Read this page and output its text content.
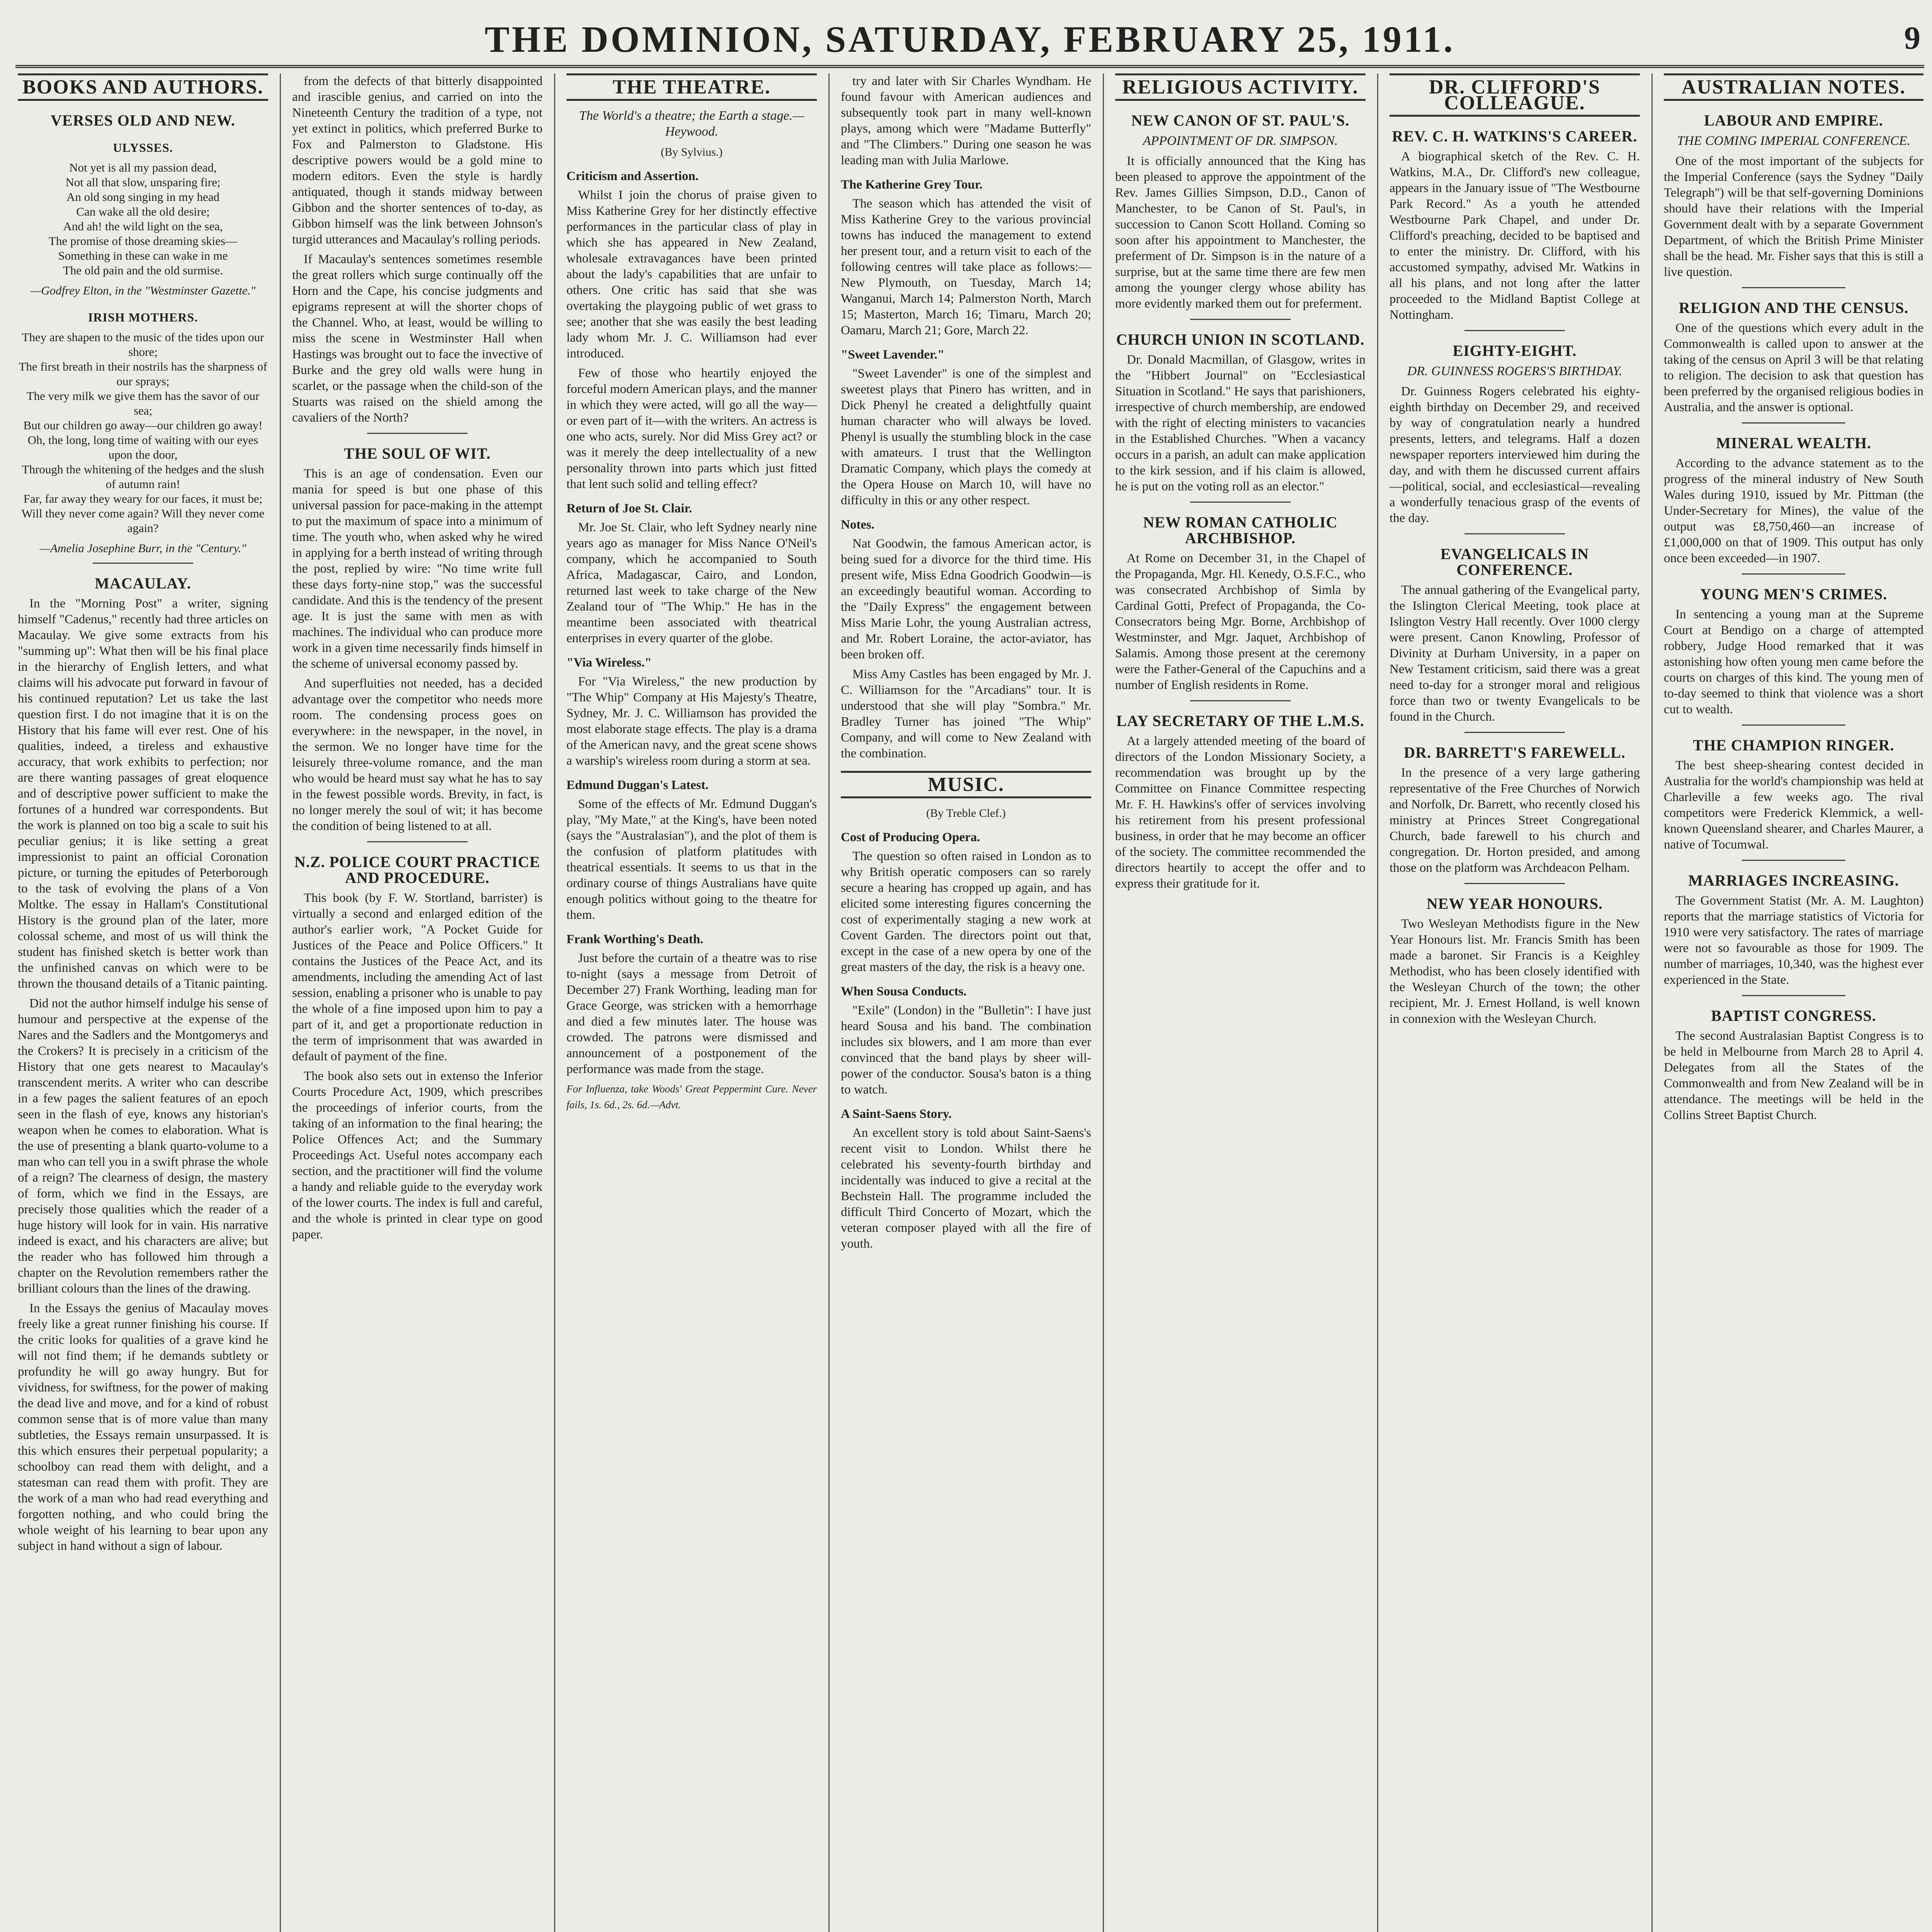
THE DOMINION, SATURDAY, FEBRUARY 25, 1911.	9
BOOKS AND AUTHORS.
VERSES OLD AND NEW.
ULYSSES.
Not yet is all my passion dead,
Not all that slow, unsparing fire;
An old song singing in my head
Can wake all the old desire;
And ah! the wild light on the sea,
The promise of those dreaming skies—
Something in these can wake in me
The old pain and the old surmise.
—Godfrey Elton, in the "Westminster Gazette."
IRISH MOTHERS.
They are shapen to the music of the tides upon our shore;
The first breath in their nostrils has the sharpness of our sprays;
The very milk we give them has the savor of our sea;
But our children go away—our children go away!
Oh, the long, long time of waiting with our eyes upon the door,
Through the whitening of the hedges and the slush of autumn rain!
Far, far away they weary for our faces, it must be;
Will they never come again? Will they never come again?
—Amelia Josephine Burr, in the "Century."
MACAULAY.

In the "Morning Post" a writer, signing himself "Cadenus," recently had three articles on Macaulay. We give some extracts from his "summing up": What then will be his final place in the hierarchy of English letters, and what claims will his advocate put forward in favour of his continued reputation? Let us take the last question first. I do not imagine that it is on the History that his fame will ever rest. One of his qualities, indeed, a tireless and exhaustive accuracy, that work exhibits to perfection; nor are there wanting passages of great eloquence and of descriptive power sufficient to make the fortunes of a hundred war correspondents. But the work is planned on too big a scale to suit his peculiar genius; it is like setting a great impressionist to paint an official Coronation picture, or turning the epitudes of Peterborough to the task of evolving the plans of a Von Moltke. The essay in Hallam's Constitutional History is the ground plan of the later, more colossal scheme, and most of us will think the student has finished sketch is better work than the unfinished canvas on which were to be thrown the thousand details of a Titanic painting.

Did not the author himself indulge his sense of humour and perspective at the expense of the Nares and the Sadlers and the Montgomerys and the Crokers? It is precisely in a criticism of the History that one gets nearest to Macaulay's transcendent merits. A writer who can describe in a few pages the salient features of an epoch seen in the flash of eye, knows any historian's weapon when he comes to elaboration. What is the use of presenting a blank quarto-volume to a man who can tell you in a swift phrase the whole of a reign? The clearness of design, the mastery of form, which we find in the Essays, are precisely those qualities which the reader of a huge history will look for in vain. His narrative indeed is exact, and his characters are alive; but the reader who has followed him through a chapter on the Revolution remembers rather the brilliant colours than the lines of the drawing.

In the Essays the genius of Macaulay moves freely like a great runner finishing his course. If the critic looks for qualities of a grave kind he will not find them; if he demands subtlety or profundity he will go away hungry. But for vividness, for swiftness, for the power of making the dead live and move, and for a kind of robust common sense that is of more value than many subtleties, the Essays remain unsurpassed. It is this which ensures their perpetual popularity; a schoolboy can read them with delight, and a statesman can read them with profit. They are the work of a man who had read everything and forgotten nothing, and who could bring the whole weight of his learning to bear upon any subject in hand without a sign of labour.

from the defects of that bitterly disappointed and irascible genius, and carried on into the Nineteenth Century the tradition of a type, not yet extinct in politics, which preferred Burke to Fox and Palmerston to Gladstone. His descriptive powers would be a gold mine to modern editors. Even the style is hardly antiquated, though it stands midway between Gibbon and the shorter sentences of to-day, as Gibbon himself was the link between Johnson's turgid utterances and Macaulay's rolling periods.

If Macaulay's sentences sometimes resemble the great rollers which surge continually off the Horn and the Cape, his concise judgments and epigrams represent at will the shorter chops of the Channel. Who, at least, would be willing to miss the scene in Westminster Hall when Hastings was brought out to face the invective of Burke and the grey old walls were hung in scarlet, or the passage when the child-son of the Stuarts was raised on the shield among the cavaliers of the North?

THE SOUL OF WIT.

This is an age of condensation. Even our mania for speed is but one phase of this universal passion for pace-making in the attempt to put the maximum of space into a minimum of time. The youth who, when asked why he wired in applying for a berth instead of writing through the post, replied by wire: "No time write full these days forty-nine stop," was the successful candidate. And this is the tendency of the present age. It is just the same with men as with machines. The individual who can produce more work in a given time necessarily finds himself in the scheme of universal economy passed by.

And superfluities not needed, has a decided advantage over the competitor who needs more room. The condensing process goes on everywhere: in the newspaper, in the novel, in the sermon. We no longer have time for the leisurely three-volume romance, and the man who would be heard must say what he has to say in the fewest possible words. Brevity, in fact, is no longer merely the soul of wit; it has become the condition of being listened to at all.

N.Z. POLICE COURT PRACTICE AND PROCEDURE.

This book (by F. W. Stortland, barrister) is virtually a second and enlarged edition of the author's earlier work, "A Pocket Guide for Justices of the Peace and Police Officers." It contains the Justices of the Peace Act, and its amendments, including the amending Act of last session, enabling a prisoner who is unable to pay the whole of a fine imposed upon him to pay a part of it, and get a proportionate reduction in the term of imprisonment that was awarded in default of payment of the fine.

The book also sets out in extenso the Inferior Courts Procedure Act, 1909, which prescribes the proceedings of inferior courts, from the taking of an information to the final hearing; the Police Offences Act; and the Summary Proceedings Act. Useful notes accompany each section, and the practitioner will find the volume a handy and reliable guide to the everyday work of the lower courts. The index is full and careful, and the whole is printed in clear type on good paper.

THE THEATRE.
The World's a theatre; the Earth a stage.—Heywood.
(By Sylvius.)
Criticism and Assertion.

Whilst I join the chorus of praise given to Miss Katherine Grey for her distinctly effective performances in the particular class of play in which she has appeared in New Zealand, wholesale extravagances have been printed about the lady's capabilities that are unfair to others. One critic has said that she was overtaking the playgoing public of wet grass to see; another that she was easily the best leading lady whom Mr. J. C. Williamson had ever introduced.

Few of those who heartily enjoyed the forceful modern American plays, and the manner in which they were acted, will go all the way—or even part of it—with the writers. An actress is one who acts, surely. Nor did Miss Grey act? or was it merely the deep intellectuality of a new personality thrown into parts which just fitted that lent such solid and telling effect?

Return of Joe St. Clair.

Mr. Joe St. Clair, who left Sydney nearly nine years ago as manager for Miss Nance O'Neil's company, which he accompanied to South Africa, Madagascar, Cairo, and London, returned last week to take charge of the New Zealand tour of "The Whip." He has in the meantime been associated with theatrical enterprises in every quarter of the globe.

"Via Wireless."

For "Via Wireless," the new production by "The Whip" Company at His Majesty's Theatre, Sydney, Mr. J. C. Williamson has provided the most elaborate stage effects. The play is a drama of the American navy, and the great scene shows a warship's wireless room during a storm at sea.

Edmund Duggan's Latest.

Some of the effects of Mr. Edmund Duggan's play, "My Mate," at the King's, have been noted (says the "Australasian"), and the plot of them is the confusion of platform platitudes with theatrical essentials. It seems to us that in the ordinary course of things Australians have quite enough politics without going to the theatre for them.

Frank Worthing's Death.

Just before the curtain of a theatre was to rise to-night (says a message from Detroit of December 27) Frank Worthing, leading man for Grace George, was stricken with a hemorrhage and died a few minutes later. The house was crowded. The patrons were dismissed and announcement of a postponement of the performance was made from the stage.

For Influenza, take Woods' Great Peppermint Cure. Never fails, 1s. 6d., 2s. 6d.—Advt.

try and later with Sir Charles Wyndham. He found favour with American audiences and subsequently took part in many well-known plays, among which were "Madame Butterfly" and "The Climbers." During one season he was leading man with Julia Marlowe.

The Katherine Grey Tour.

The season which has attended the visit of Miss Katherine Grey to the various provincial towns has induced the management to extend her present tour, and a return visit to each of the following centres will take place as follows:—New Plymouth, on Tuesday, March 14; Wanganui, March 14; Palmerston North, March 15; Masterton, March 16; Timaru, March 20; Oamaru, March 21; Gore, March 22.

"Sweet Lavender."

"Sweet Lavender" is one of the simplest and sweetest plays that Pinero has written, and in Dick Phenyl he created a delightfully quaint human character who will always be loved. Phenyl is usually the stumbling block in the case with amateurs. I trust that the Wellington Dramatic Company, which plays the comedy at the Opera House on March 10, will have no difficulty in this or any other respect.

Notes.

Nat Goodwin, the famous American actor, is being sued for a divorce for the third time. His present wife, Miss Edna Goodrich Goodwin—is an exceedingly beautiful woman. According to the "Daily Express" the engagement between Miss Marie Lohr, the young Australian actress, and Mr. Robert Loraine, the actor-aviator, has been broken off.

Miss Amy Castles has been engaged by Mr. J. C. Williamson for the "Arcadians" tour. It is understood that she will play "Sombra." Mr. Bradley Turner has joined "The Whip" Company, and will come to New Zealand with the combination.

MUSIC.
(By Treble Clef.)
Cost of Producing Opera.

The question so often raised in London as to why British operatic composers can so rarely secure a hearing has cropped up again, and has elicited some interesting figures concerning the cost of experimentally staging a new work at Covent Garden. The directors point out that, except in the case of a new opera by one of the great masters of the day, the risk is a heavy one.

When Sousa Conducts.

"Exile" (London) in the "Bulletin": I have just heard Sousa and his band. The combination includes six blowers, and I am more than ever convinced that the band plays by sheer will-power of the conductor. Sousa's baton is a thing to watch.

A Saint-Saens Story.

An excellent story is told about Saint-Saens's recent visit to London. Whilst there he celebrated his seventy-fourth birthday and incidentally was induced to give a recital at the Bechstein Hall. The programme included the difficult Third Concerto of Mozart, which the veteran composer played with all the fire of youth.

RELIGIOUS ACTIVITY.
NEW CANON OF ST. PAUL'S.
APPOINTMENT OF DR. SIMPSON.

It is officially announced that the King has been pleased to approve the appointment of the Rev. James Gillies Simpson, D.D., Canon of Manchester, to be Canon of St. Paul's, in succession to Canon Scott Holland. Coming so soon after his appointment to Manchester, the preferment of Dr. Simpson is in the nature of a surprise, but at the same time there are few men among the younger clergy whose ability has more evidently marked them out for preferment.

CHURCH UNION IN SCOTLAND.

Dr. Donald Macmillan, of Glasgow, writes in the "Hibbert Journal" on "Ecclesiastical Situation in Scotland." He says that parishioners, irrespective of church membership, are endowed with the right of electing ministers to vacancies in the Established Churches. "When a vacancy occurs in a parish, an adult can make application to the kirk session, and if his claim is allowed, he is put on the voting roll as an elector."

NEW ROMAN CATHOLIC ARCHBISHOP.

At Rome on December 31, in the Chapel of the Propaganda, Mgr. Hl. Kenedy, O.S.F.C., who was consecrated Archbishop of Simla by Cardinal Gotti, Prefect of Propaganda, the Co-Consecrators being Mgr. Borne, Archbishop of Westminster, and Mgr. Jaquet, Archbishop of Salamis. Among those present at the ceremony were the Father-General of the Capuchins and a number of English residents in Rome.

LAY SECRETARY OF THE L.M.S.

At a largely attended meeting of the board of directors of the London Missionary Society, a recommendation was brought up by the Committee on Finance Committee respecting Mr. F. H. Hawkins's offer of services involving his retirement from his present professional business, in order that he may become an officer of the society. The committee recommended the directors heartily to accept the offer and to express their gratitude for it.

DR. CLIFFORD'S COLLEAGUE.
REV. C. H. WATKINS'S CAREER.

A biographical sketch of the Rev. C. H. Watkins, M.A., Dr. Clifford's new colleague, appears in the January issue of "The Westbourne Park Record." As a youth he attended Westbourne Park Chapel, and under Dr. Clifford's preaching, decided to be baptised and to enter the ministry. Dr. Clifford, with his accustomed sympathy, advised Mr. Watkins in all his plans, and not long after the latter proceeded to the Midland Baptist College at Nottingham.

EIGHTY-EIGHT.
DR. GUINNESS ROGERS'S BIRTHDAY.

Dr. Guinness Rogers celebrated his eighty-eighth birthday on December 29, and received by way of congratulation nearly a hundred presents, letters, and telegrams. Half a dozen newspaper reporters interviewed him during the day, and with them he discussed current affairs—political, social, and ecclesiastical—revealing a wonderfully tenacious grasp of the events of the day.

EVANGELICALS IN CONFERENCE.

The annual gathering of the Evangelical party, the Islington Clerical Meeting, took place at Islington Vestry Hall recently. Over 1000 clergy were present. Canon Knowling, Professor of Divinity at Durham University, in a paper on New Testament criticism, said there was a great need to-day for a stronger moral and religious force than two or twenty Evangelicals to be found in the Church.

DR. BARRETT'S FAREWELL.

In the presence of a very large gathering representative of the Free Churches of Norwich and Norfolk, Dr. Barrett, who recently closed his ministry at Princes Street Congregational Church, bade farewell to his church and congregation. Dr. Horton presided, and among those on the platform was Archdeacon Pelham.

NEW YEAR HONOURS.

Two Wesleyan Methodists figure in the New Year Honours list. Mr. Francis Smith has been made a baronet. Sir Francis is a Keighley Methodist, who has been closely identified with the Wesleyan Church of the town; the other recipient, Mr. J. Ernest Holland, is well known in connexion with the Wesleyan Church.

AUSTRALIAN NOTES.
LABOUR AND EMPIRE.
THE COMING IMPERIAL CONFERENCE.

One of the most important of the subjects for the Imperial Conference (says the Sydney "Daily Telegraph") will be that self-governing Dominions should have their relations with the Imperial Government dealt with by a separate Government Department, of which the British Prime Minister shall be the head. Mr. Fisher says that this is still a live question.

RELIGION AND THE CENSUS.

One of the questions which every adult in the Commonwealth is called upon to answer at the taking of the census on April 3 will be that relating to religion. The decision to ask that question has been preferred by the organised religious bodies in Australia, and the answer is optional.

MINERAL WEALTH.

According to the advance statement as to the progress of the mineral industry of New South Wales during 1910, issued by Mr. Pittman (the Under-Secretary for Mines), the value of the output was £8,750,460—an increase of £1,000,000 on that of 1909. This output has only once been exceeded—in 1907.

YOUNG MEN'S CRIMES.

In sentencing a young man at the Supreme Court at Bendigo on a charge of attempted robbery, Judge Hood remarked that it was astonishing how often young men came before the courts on charges of this kind. The young men of to-day seemed to think that violence was a short cut to wealth.

THE CHAMPION RINGER.

The best sheep-shearing contest decided in Australia for the world's championship was held at Charleville a few weeks ago. The rival competitors were Frederick Klemmick, a well-known Queensland shearer, and Charles Maurer, a native of Tocumwal.

MARRIAGES INCREASING.

The Government Statist (Mr. A. M. Laughton) reports that the marriage statistics of Victoria for 1910 were very satisfactory. The rates of marriage were not so favourable as those for 1909. The number of marriages, 10,340, was the highest ever experienced in the State.

BAPTIST CONGRESS.

The second Australasian Baptist Congress is to be held in Melbourne from March 28 to April 4. Delegates from all the States of the Commonwealth and from New Zealand will be in attendance. The meetings will be held in the Collins Street Baptist Church.
